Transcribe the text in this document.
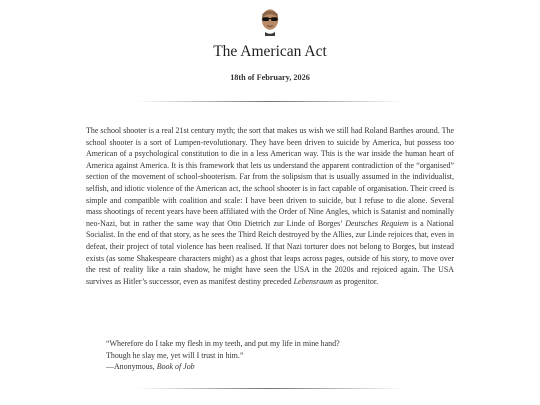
The American Act
18th of February, 2026

The school shooter is a real 21st century myth; the sort that makes us wish we still had Roland Barthes around. The school shooter is a sort of Lumpen-revolutionary. They have been driven to suicide by America, but possess too American of a psychological constitution to die in a less American way. This is the war inside the human heart of America against America. It is this framework that lets us understand the apparent contradiction of the “organised” section of the movement of school-shooterism. Far from the solipsism that is usually assumed in the individualist, selfish, and idiotic violence of the American act, the school shooter is in fact capable of organisation. Their creed is simple and compatible with coalition and scale: I have been driven to suicide, but I refuse to die alone. Several mass shootings of recent years have been affiliated with the Order of Nine Angles, which is Satanist and nominally neo-Nazi, but in rather the same way that Otto Dietrich zur Linde of Borges’ Deutsches Requiem is a National Socialist. In the end of that story, as he sees the Third Reich destroyed by the Allies, zur Linde rejoices that, even in defeat, their project of total violence has been realised. If that Nazi torturer does not belong to Borges, but instead exists (as some Shakespeare characters might) as a ghost that leaps across pages, outside of his story, to move over the rest of reality like a rain shadow, he might have seen the USA in the 2020s and rejoiced again. The USA survives as Hitler’s successor, even as manifest destiny preceded Lebensraum as progenitor.

“Wherefore do I take my flesh in my teeth, and put my life in mine hand?
Though he slay me, yet will I trust in him.”
—Anonymous, Book of Job
